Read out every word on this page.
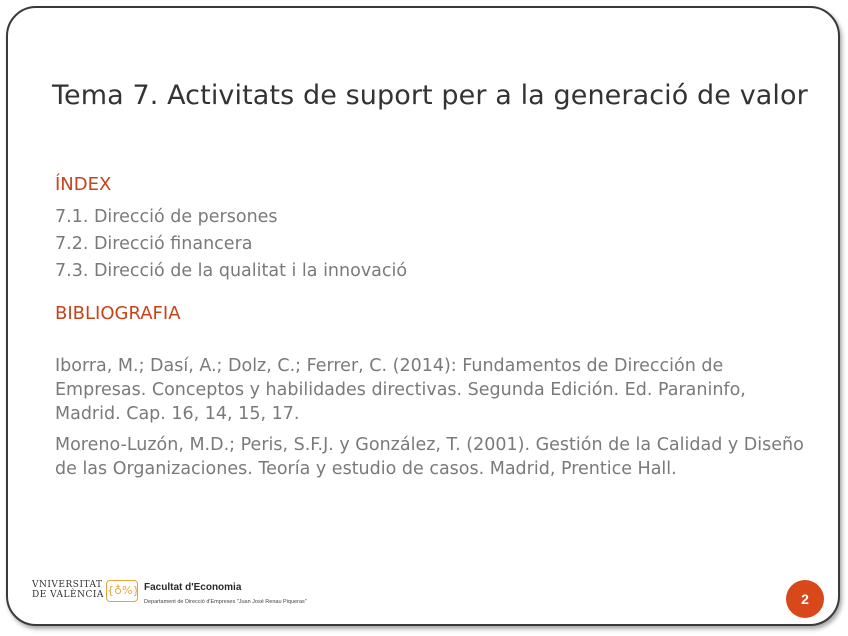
Tema 7. Activitats de suport per a la generació de valor
ÍNDEX
7.1. Direcció de persones
7.2. Direcció financera
7.3. Direcció de la qualitat i la innovació
BIBLIOGRAFIA

Iborra, M.; Dasí, A.; Dolz, C.; Ferrer, C. (2014): Fundamentos de Dirección de Empresas. Conceptos y habilidades directivas. Segunda Edición. Ed. Paraninfo, Madrid. Cap. 16, 14, 15, 17.

Moreno-Luzón, M.D.; Peris, S.F.J. y González, T. (2001). Gestión de la Calidad y Diseño de las Organizaciones. Teoría y estudio de casos. Madrid, Prentice Hall.

VNIVERSITAT
DE VALÈNCIA {♁%} Facultat d'Economia
Departament de Direcció d'Empreses "Juan José Renau Piqueras"	2
